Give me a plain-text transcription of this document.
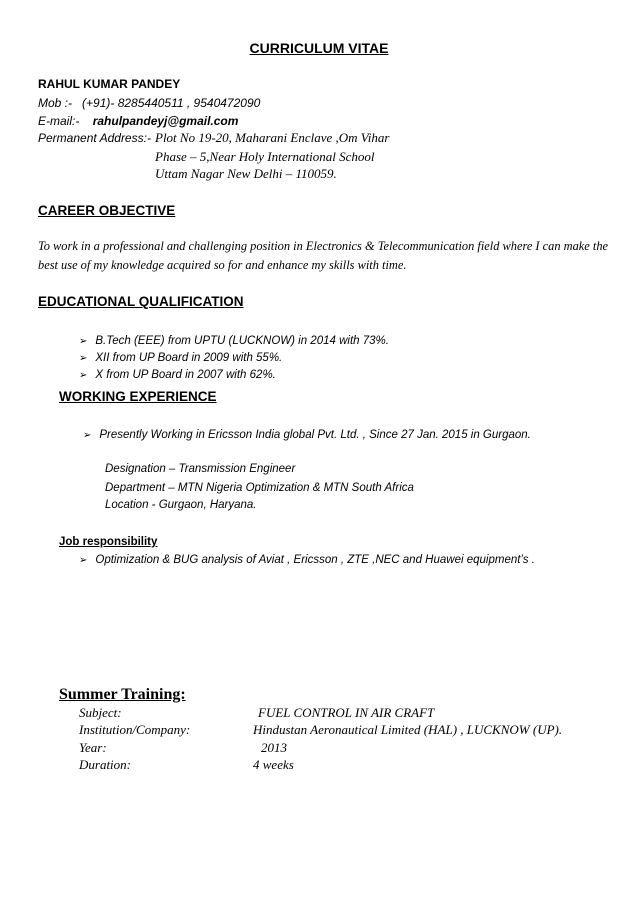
CURRICULUM VITAE
RAHUL KUMAR PANDEY
Mob :- (+91)- 8285440511 , 9540472090
E-mail:- rahulpandeyj@gmail.com
Permanent Address:- Plot No 19-20, Maharani Enclave ,Om Vihar
Phase – 5,Near Holy International School
Uttam Nagar New Delhi – 110059.
CAREER OBJECTIVE
To work in a professional and challenging position in Electronics & Telecommunication field where I can make the
best use of my knowledge acquired so for and enhance my skills with time.
EDUCATIONAL QUALIFICATION
➢ B.Tech (EEE) from UPTU (LUCKNOW) in 2014 with 73%.
➢ XII from UP Board in 2009 with 55%.
➢ X from UP Board in 2007 with 62%.
WORKING EXPERIENCE
➢ Presently Working in Ericsson India global Pvt. Ltd. , Since 27 Jan. 2015 in Gurgaon.
Designation – Transmission Engineer
Department – MTN Nigeria Optimization & MTN South Africa
Location - Gurgaon, Haryana.
Job responsibility
➢ Optimization & BUG analysis of Aviat , Ericsson , ZTE ,NEC and Huawei equipment’s .
Summer Training:
Subject:	FUEL CONTROL IN AIR CRAFT
Institution/Company:	Hindustan Aeronautical Limited (HAL) , LUCKNOW (UP).
Year:	2013
Duration:	4 weeks
